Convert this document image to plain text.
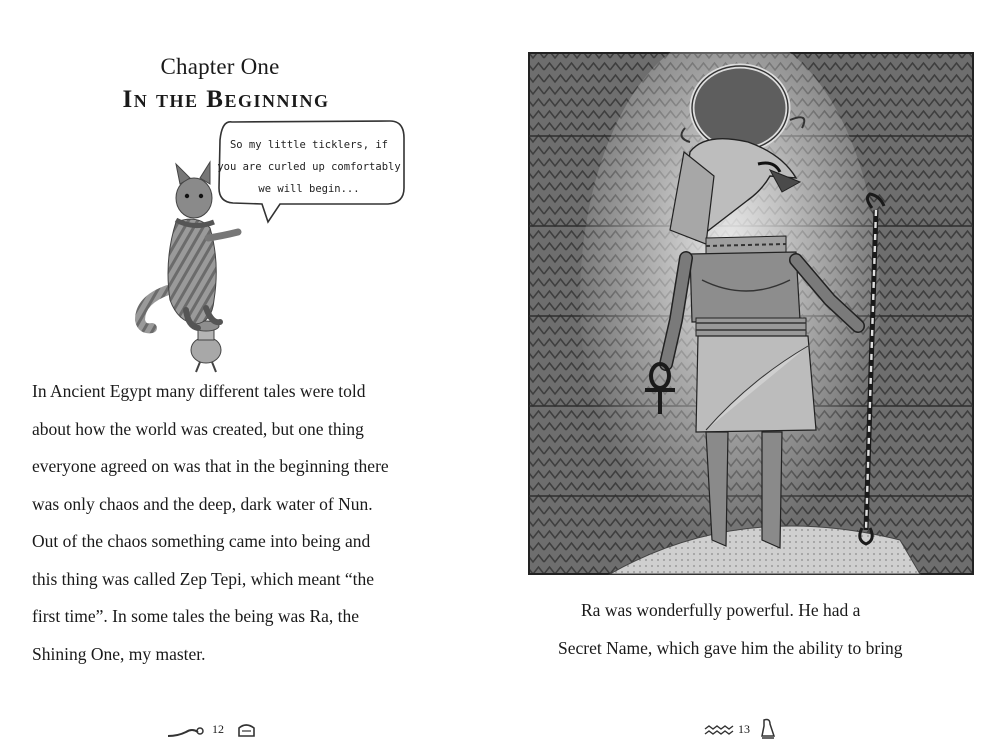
Chapter One
In the Beginning
So my little ticklers, if
you are curled up comfortably
we will begin...
In Ancient Egypt many different tales were told
about how the world was created, but one thing
everyone agreed on was that in the beginning there
was only chaos and the deep, dark water of Nun.
Out of the chaos something came into being and
this thing was called Zep Tepi, which meant “the
first time”. In some tales the being was Ra, the
Shining One, my master.
12
Ra was wonderfully powerful. He had a
Secret Name, which gave him the ability to bring
13
